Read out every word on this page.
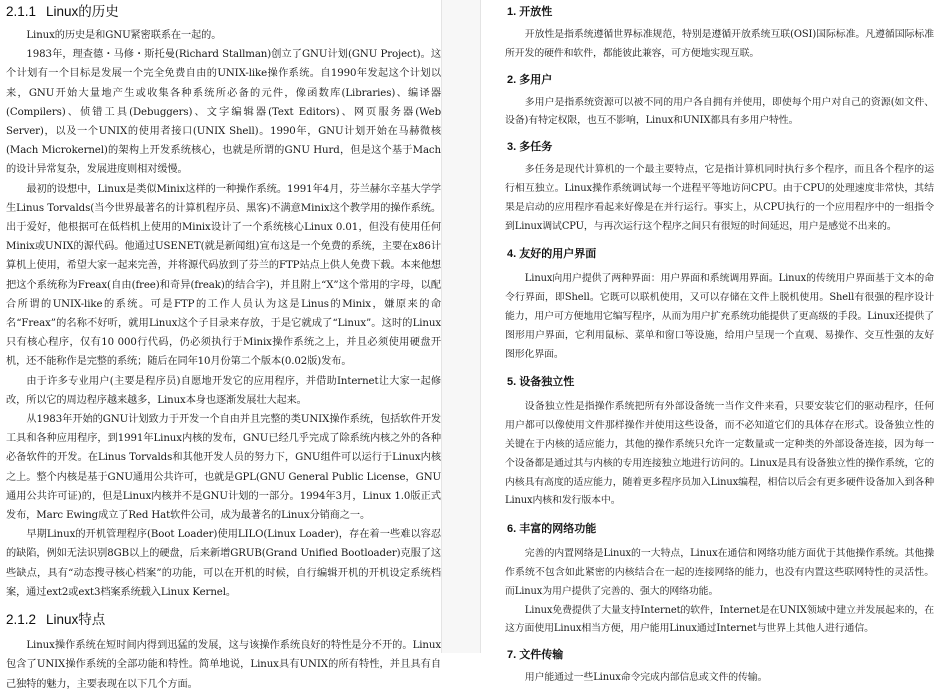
2.1.1 Linux的历史

Linux的历史是和GNU紧密联系在一起的。

1983年，理查德・马修・斯托曼(Richard Stallman)创立了GNU计划(GNU Project)。这个计划有一个目标是发展一个完全免费自由的UNIX-like操作系统。自1990年发起这个计划以来，GNU开始大量地产生或收集各种系统所必备的元件，像函数库(Libraries)、编译器(Compilers)、侦错工具(Debuggers)、文字编辑器(Text Editors)、网页服务器(Web Server)，以及一个UNIX的使用者接口(UNIX Shell)。1990年，GNU计划开始在马赫微核(Mach Microkernel)的架构上开发系统核心，也就是所谓的GNU Hurd，但是这个基于Mach的设计异常复杂，发展进度则相对缓慢。

最初的设想中，Linux是类似Minix这样的一种操作系统。1991年4月，芬兰赫尔辛基大学学生Linus Torvalds(当今世界最著名的计算机程序员、黑客)不满意Minix这个教学用的操作系统。出于爱好，他根据可在低档机上使用的Minix设计了一个系统核心Linux 0.01，但没有使用任何Minix或UNIX的源代码。他通过USENET(就是新闻组)宣布这是一个免费的系统，主要在x86计算机上使用，希望大家一起来完善，并将源代码放到了芬兰的FTP站点上供人免费下载。本来他想把这个系统称为Freax(自由(free)和奇异(freak)的结合字)，并且附上“X”这个常用的字母，以配合所谓的UNIX-like的系统。可是FTP的工作人员认为这是Linus的Minix，嫌原来的命名“Freax”的名称不好听，就用Linux这个子目录来存放，于是它就成了“Linux”。这时的Linux只有核心程序，仅有10 000行代码，仍必须执行于Minix操作系统之上，并且必须使用硬盘开机，还不能称作是完整的系统；随后在同年10月份第二个版本(0.02版)发布。

由于许多专业用户(主要是程序员)自愿地开发它的应用程序，并借助Internet让大家一起修改，所以它的周边程序越来越多，Linux本身也逐渐发展壮大起来。

从1983年开始的GNU计划致力于开发一个自由并且完整的类UNIX操作系统，包括软件开发工具和各种应用程序，到1991年Linux内核的发布，GNU已经几乎完成了除系统内核之外的各种必备软件的开发。在Linus Torvalds和其他开发人员的努力下，GNU组件可以运行于Linux内核之上。整个内核是基于GNU通用公共许可，也就是GPL(GNU General Public License，GNU通用公共许可证)的，但是Linux内核并不是GNU计划的一部分。1994年3月，Linux 1.0版正式发布，Marc Ewing成立了Red Hat软件公司，成为最著名的Linux分销商之一。

早期Linux的开机管理程序(Boot Loader)使用LILO(Linux Loader)，存在着一些难以容忍的缺陷，例如无法识别8GB以上的硬盘，后来新增GRUB(Grand Unified Bootloader)克服了这些缺点，具有“动态搜寻核心档案”的功能，可以在开机的时候，自行编辑开机的开机设定系统档案，通过ext2或ext3档案系统载入Linux Kernel。

2.1.2 Linux特点

Linux操作系统在短时间内得到迅猛的发展，这与该操作系统良好的特性是分不开的。Linux包含了UNIX操作系统的全部功能和特性。简单地说，Linux具有UNIX的所有特性，并且具有自己独特的魅力，主要表现在以下几个方面。

1. 开放性

开放性是指系统遵循世界标准规范，特别是遵循开放系统互联(OSI)国际标准。凡遵循国际标准所开发的硬件和软件，都能彼此兼容，可方便地实现互联。

2. 多用户

多用户是指系统资源可以被不同的用户各自拥有并使用，即使每个用户对自己的资源(如文件、设备)有特定权限，也互不影响，Linux和UNIX都具有多用户特性。

3. 多任务

多任务是现代计算机的一个最主要特点，它是指计算机同时执行多个程序，而且各个程序的运行相互独立。Linux操作系统调试每一个进程平等地访问CPU。由于CPU的处理速度非常快，其结果是启动的应用程序看起来好像是在并行运行。事实上，从CPU执行的一个应用程序中的一组指令到Linux调试CPU，与再次运行这个程序之间只有很短的时间延迟，用户是感觉不出来的。

4. 友好的用户界面

Linux向用户提供了两种界面：用户界面和系统调用界面。Linux的传统用户界面基于文本的命令行界面，即Shell。它既可以联机使用，又可以存储在文件上脱机使用。Shell有很强的程序设计能力，用户可方便地用它编写程序，从而为用户扩充系统功能提供了更高级的手段。Linux还提供了图形用户界面，它利用鼠标、菜单和窗口等设施，给用户呈现一个直观、易操作、交互性强的友好图形化界面。

5. 设备独立性

设备独立性是指操作系统把所有外部设备统一当作文件来看，只要安装它们的驱动程序，任何用户都可以像使用文件那样操作并使用这些设备，而不必知道它们的具体存在形式。设备独立性的关键在于内核的适应能力，其他的操作系统只允许一定数量或一定种类的外部设备连接，因为每一个设备都是通过其与内核的专用连接独立地进行访问的。Linux是具有设备独立性的操作系统，它的内核具有高度的适应能力，随着更多程序员加入Linux编程，相信以后会有更多硬件设备加入到各种Linux内核和发行版本中。

6. 丰富的网络功能

完善的内置网络是Linux的一大特点，Linux在通信和网络功能方面优于其他操作系统。其他操作系统不包含如此紧密的内核结合在一起的连接网络的能力，也没有内置这些联网特性的灵活性。而Linux为用户提供了完善的、强大的网络功能。

Linux免费提供了大量支持Internet的软件，Internet是在UNIX领域中建立并发展起来的，在这方面使用Linux相当方便，用户能用Linux通过Internet与世界上其他人进行通信。

7. 文件传输

用户能通过一些Linux命令完成内部信息或文件的传输。
